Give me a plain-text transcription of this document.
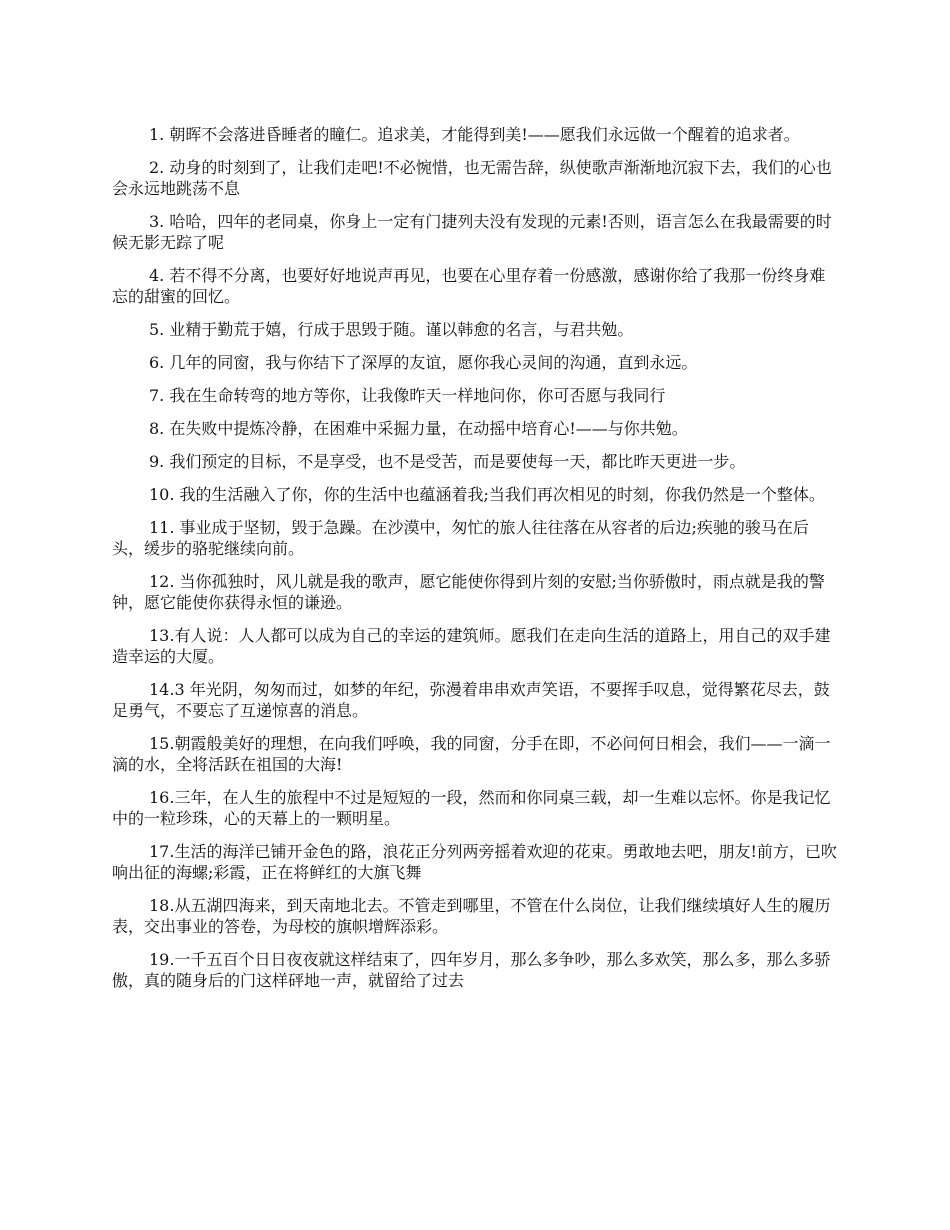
1. 朝晖不会落进昏睡者的瞳仁。追求美，才能得到美!——愿我们永远做一个醒着的追求者。

2. 动身的时刻到了，让我们走吧!不必惋惜，也无需告辞，纵使歌声渐渐地沉寂下去，我们的心也会永远地跳荡不息

3. 哈哈，四年的老同桌，你身上一定有门捷列夫没有发现的元素!否则，语言怎么在我最需要的时候无影无踪了呢

4. 若不得不分离，也要好好地说声再见，也要在心里存着一份感激，感谢你给了我那一份终身难忘的甜蜜的回忆。

5. 业精于勤荒于嬉，行成于思毁于随。谨以韩愈的名言，与君共勉。

6. 几年的同窗，我与你结下了深厚的友谊，愿你我心灵间的沟通，直到永远。

7. 我在生命转弯的地方等你，让我像昨天一样地问你，你可否愿与我同行

8. 在失败中提炼冷静，在困难中采掘力量，在动摇中培育心!——与你共勉。

9. 我们预定的目标，不是享受，也不是受苦，而是要使每一天，都比昨天更进一步。

10. 我的生活融入了你，你的生活中也蕴涵着我;当我们再次相见的时刻，你我仍然是一个整体。

11. 事业成于坚韧，毁于急躁。在沙漠中，匆忙的旅人往往落在从容者的后边;疾驰的骏马在后头，缓步的骆驼继续向前。

12. 当你孤独时，风儿就是我的歌声，愿它能使你得到片刻的安慰;当你骄傲时，雨点就是我的警钟，愿它能使你获得永恒的谦逊。

13.有人说：人人都可以成为自己的幸运的建筑师。愿我们在走向生活的道路上，用自己的双手建造幸运的大厦。

14.3 年光阴，匆匆而过，如梦的年纪，弥漫着串串欢声笑语，不要挥手叹息，觉得繁花尽去，鼓足勇气，不要忘了互递惊喜的消息。

15.朝霞般美好的理想，在向我们呼唤，我的同窗，分手在即，不必问何日相会，我们——一滴一滴的水，全将活跃在祖国的大海!

16.三年，在人生的旅程中不过是短短的一段，然而和你同桌三载，却一生难以忘怀。你是我记忆中的一粒珍珠，心的天幕上的一颗明星。

17.生活的海洋已铺开金色的路，浪花正分列两旁摇着欢迎的花束。勇敢地去吧，朋友!前方，已吹响出征的海螺;彩霞，正在将鲜红的大旗飞舞

18.从五湖四海来，到天南地北去。不管走到哪里，不管在什么岗位，让我们继续填好人生的履历表，交出事业的答卷，为母校的旗帜增辉添彩。

19.一千五百个日日夜夜就这样结束了，四年岁月，那么多争吵，那么多欢笑，那么多，那么多骄傲，真的随身后的门这样砰地一声，就留给了过去
